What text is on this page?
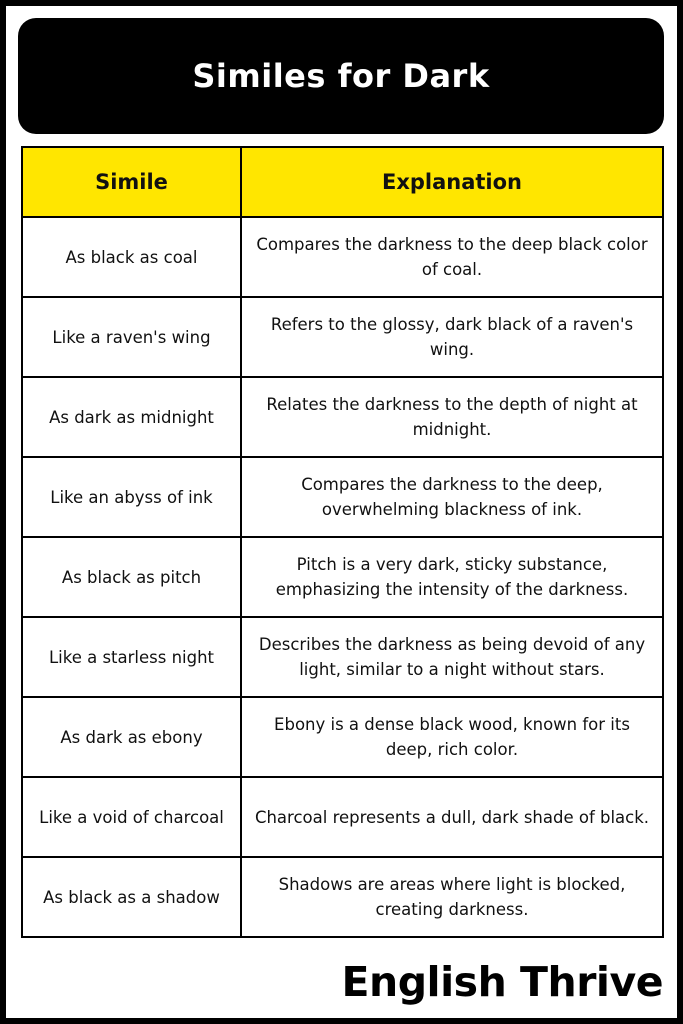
Similes for Dark
Simile	Explanation
As black as coal	Compares the darkness to the deep black color of coal.
Like a raven's wing	Refers to the glossy, dark black of a raven's wing.
As dark as midnight	Relates the darkness to the depth of night at midnight.
Like an abyss of ink	Compares the darkness to the deep, overwhelming blackness of ink.
As black as pitch	Pitch is a very dark, sticky substance, emphasizing the intensity of the darkness.
Like a starless night	Describes the darkness as being devoid of any light, similar to a night without stars.
As dark as ebony	Ebony is a dense black wood, known for its deep, rich color.
Like a void of charcoal	Charcoal represents a dull, dark shade of black.
As black as a shadow	Shadows are areas where light is blocked, creating darkness.

English Thrive
